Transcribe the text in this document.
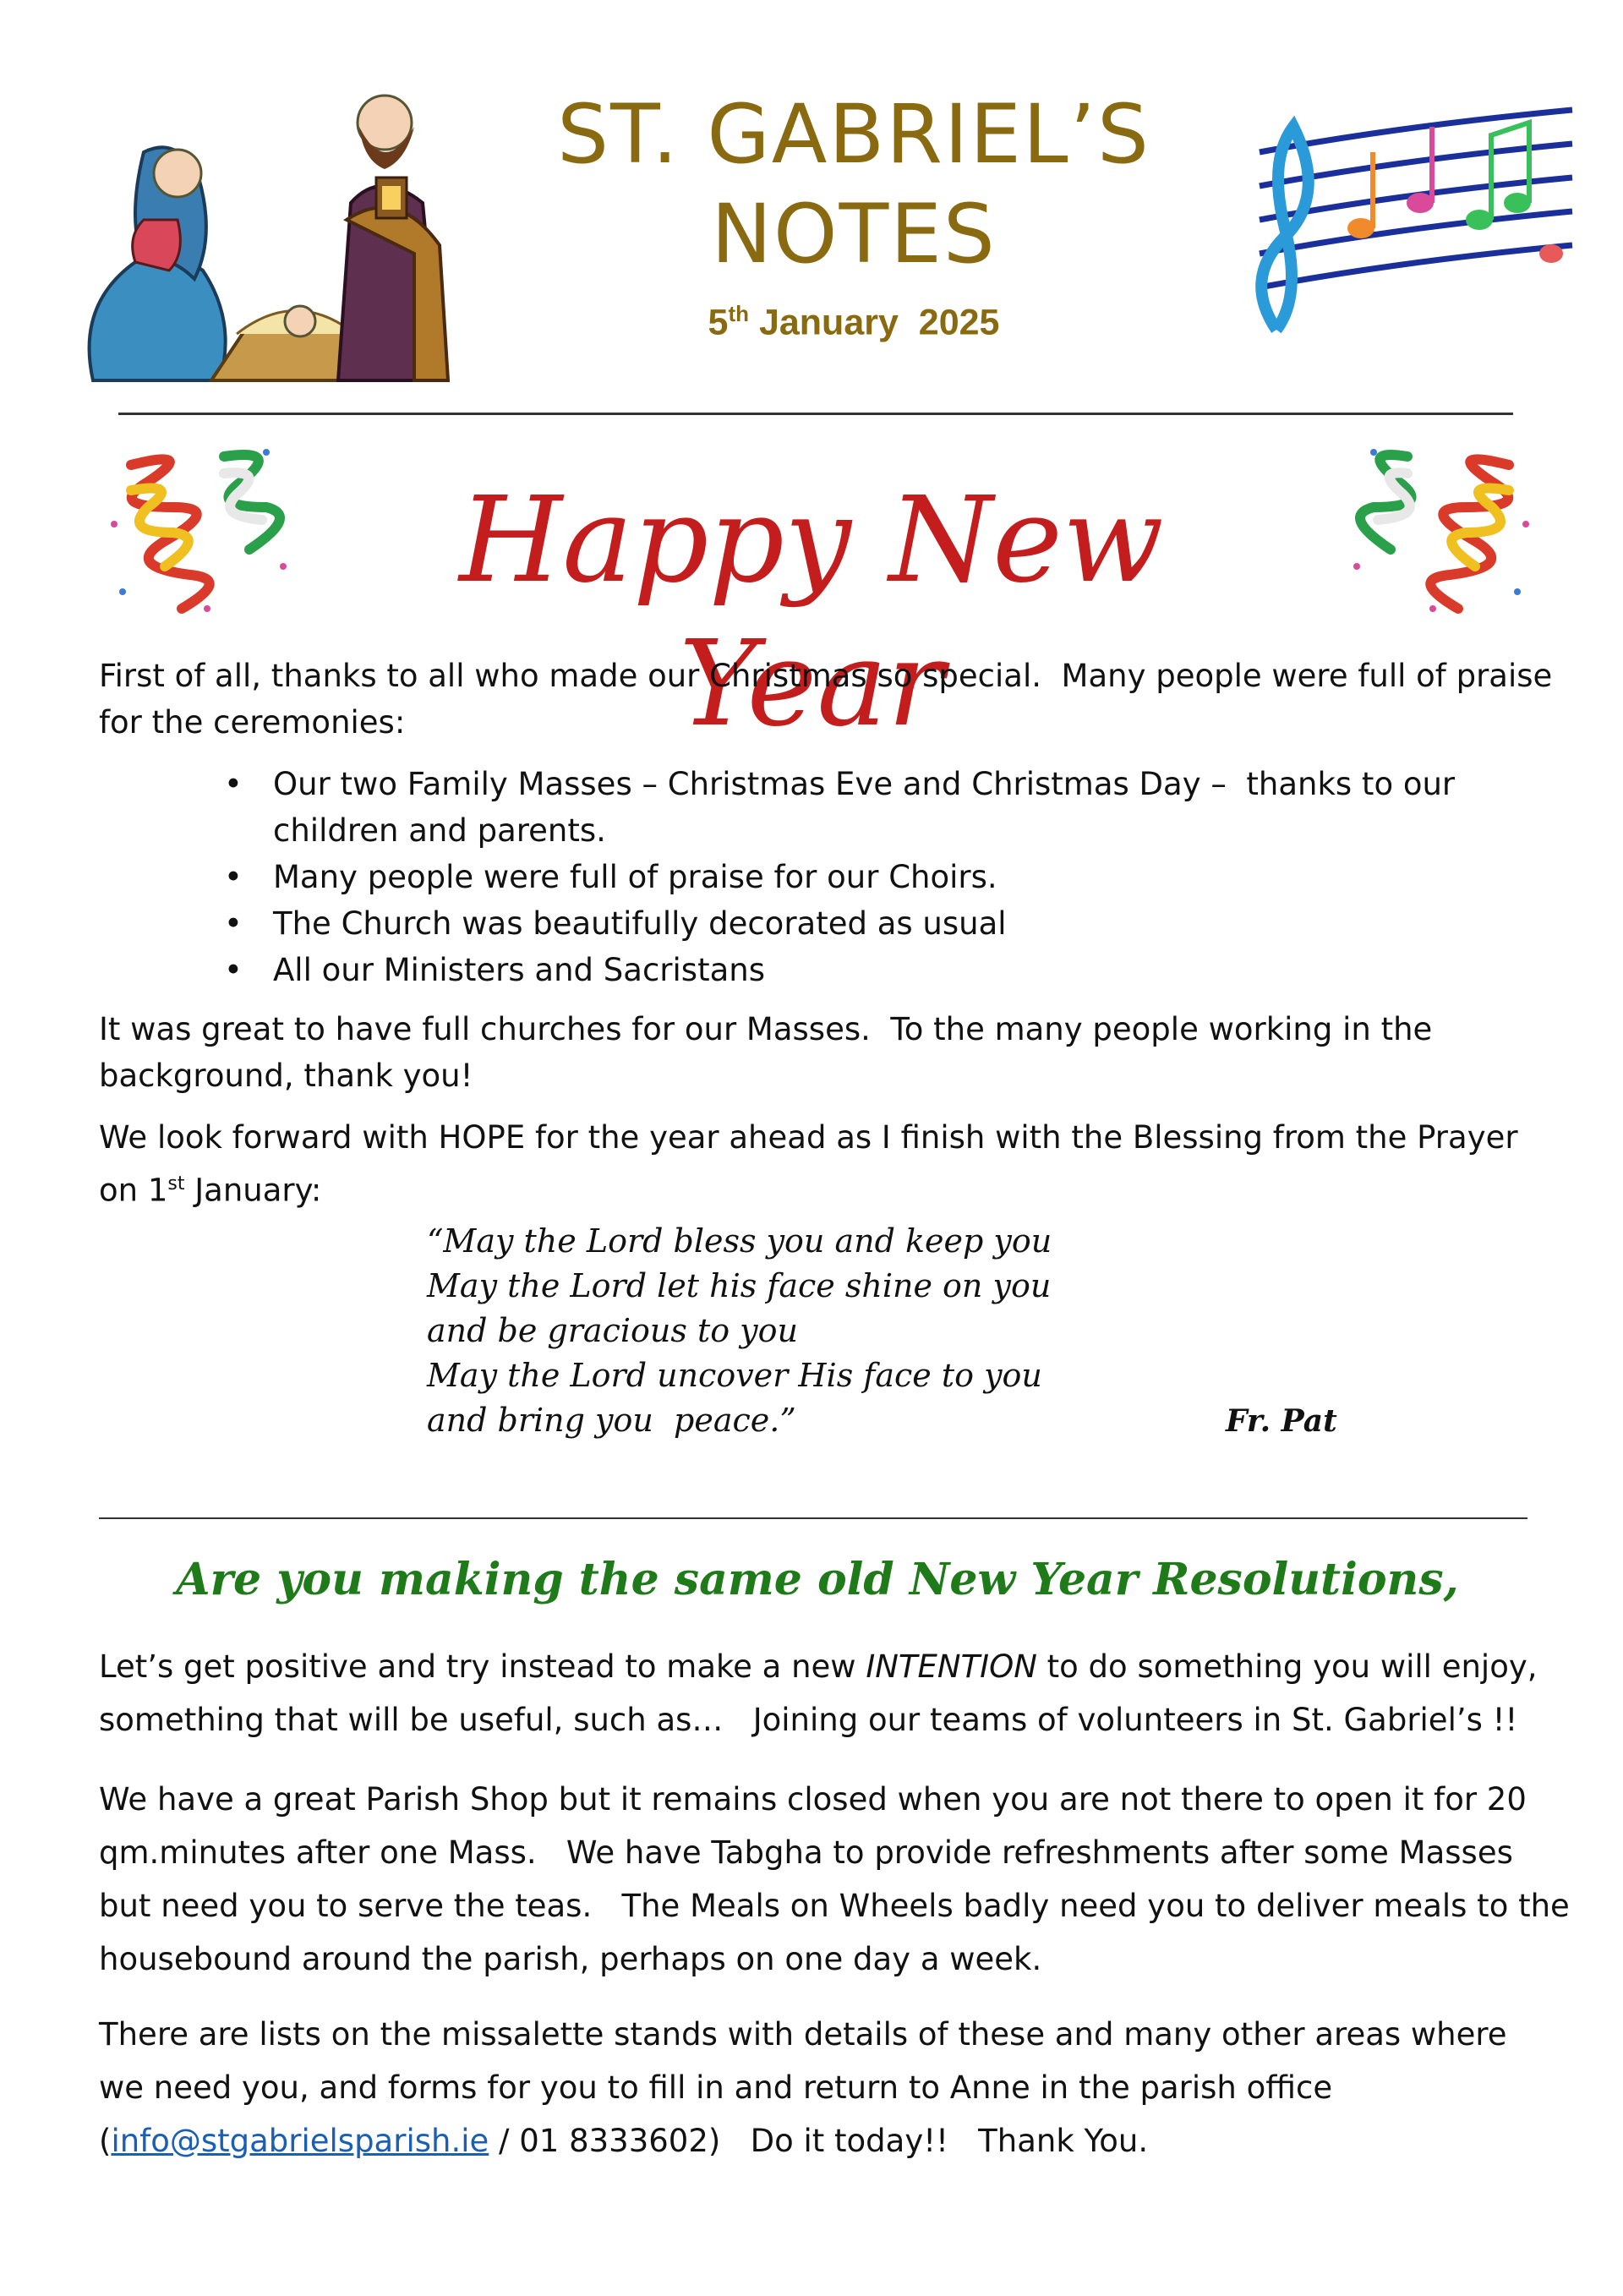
ST. GABRIEL’S
NOTES
5th January  2025
Happy New Year
First of all, thanks to all who made our Christmas so special.  Many people were full of praise
for the ceremonies:
• Our two Family Masses – Christmas Eve and Christmas Day –  thanks to our
children and parents.
• Many people were full of praise for our Choirs.
• The Church was beautifully decorated as usual
• All our Ministers and Sacristans
It was great to have full churches for our Masses.  To the many people working in the
background, thank you!
We look forward with HOPE for the year ahead as I finish with the Blessing from the Prayer
on 1st January:
“May the Lord bless you and keep you
May the Lord let his face shine on you
and be gracious to you
May the Lord uncover His face to you
and bring you  peace.”	Fr. Pat
Are you making the same old New Year Resolutions,
Let’s get positive and try instead to make a new INTENTION to do something you will enjoy,
something that will be useful, such as…   Joining our teams of volunteers in St. Gabriel’s !!
We have a great Parish Shop but it remains closed when you are not there to open it for 20
qm.minutes after one Mass.   We have Tabgha to provide refreshments after some Masses
but need you to serve the teas.   The Meals on Wheels badly need you to deliver meals to the
housebound around the parish, perhaps on one day a week.
There are lists on the missalette stands with details of these and many other areas where
we need you, and forms for you to fill in and return to Anne in the parish office
(info@stgabrielsparish.ie / 01 8333602)   Do it today!!   Thank You.
